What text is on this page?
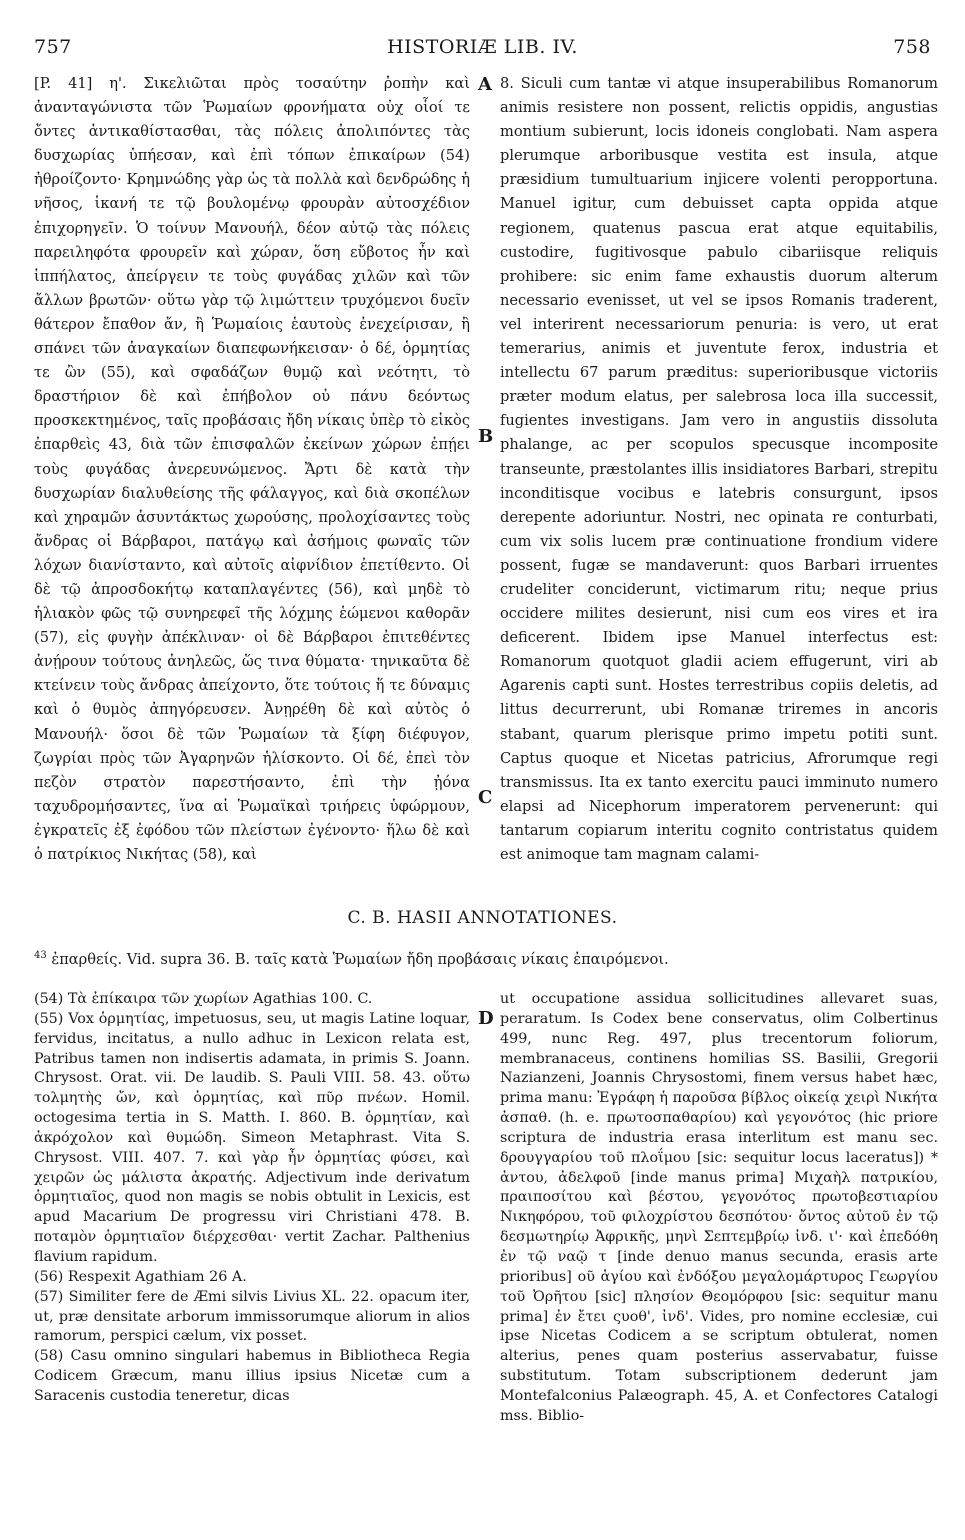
HISTORIÆ LIB. IV.
757	758

[P. 41] η'. Σικελιῶται πρὸς τοσαύτην ῥοπὴν καὶ ἀνανταγώνιστα τῶν Ῥωμαίων φρονήματα οὐχ οἷοί τε ὄντες ἀντικαθίστασθαι, τὰς πόλεις ἀπολιπόντες τὰς δυσχωρίας ὑπήεσαν, καὶ ἐπὶ τόπων ἐπικαίρων (54) ἠθροίζοντο· Κρημνώδης γὰρ ὡς τὰ πολλὰ καὶ δενδρώδης ἡ νῆσος, ἱκανή τε τῷ βουλομένῳ φρουρὰν αὐτοσχέδιον ἐπιχορηγεῖν. Ὁ τοίνυν Μανουήλ, δέον αὐτῷ τὰς πόλεις παρειληφότα φρουρεῖν καὶ χώραν, ὅση εὔβοτος ἦν καὶ ἱππήλατος, ἀπείργειν τε τοὺς φυγάδας χιλῶν καὶ τῶν ἄλλων βρωτῶν· οὕτω γὰρ τῷ λιμώττειν τρυχόμενοι δυεῖν θάτερον ἔπαθον ἄν, ἢ Ῥωμαίοις ἑαυτοὺς ἐνεχείρισαν, ἢ σπάνει τῶν ἀναγκαίων διαπεφωνήκεισαν· ὁ δέ, ὁρμητίας τε ὢν (55), καὶ σφαδάζων θυμῷ καὶ νεότητι, τὸ δραστήριον δὲ καὶ ἐπήβολον οὐ πάνυ δεόντως προσκεκτημένος, ταῖς προβάσαις ἤδη νίκαις ὑπὲρ τὸ εἰκὸς ἐπαρθεὶς 43, διὰ τῶν ἐπισφαλῶν ἐκείνων χώρων ἐπῄει τοὺς φυγάδας ἀνερευνώμενος. Ἄρτι δὲ κατὰ τὴν δυσχωρίαν διαλυθείσης τῆς φάλαγγος, καὶ διὰ σκοπέλων καὶ χηραμῶν ἀσυντάκτως χωρούσης, προλοχίσαντες τοὺς ἄνδρας οἱ Βάρβαροι, πατάγῳ καὶ ἀσήμοις φωναῖς τῶν λόχων διανίσταντο, καὶ αὐτοῖς αἰφνίδιον ἐπετίθεντο. Οἱ δὲ τῷ ἀπροσδοκήτῳ καταπλαγέντες (56), καὶ μηδὲ τὸ ἡλιακὸν φῶς τῷ συνηρεφεῖ τῆς λόχμης ἑώμενοι καθορᾶν (57), εἰς φυγὴν ἀπέκλιναν· οἱ δὲ Βάρβαροι ἐπιτεθέντες ἀνῄρουν τούτους ἀνηλεῶς, ὥς τινα θύματα· τηνικαῦτα δὲ κτείνειν τοὺς ἄνδρας ἀπείχοντο, ὅτε τούτοις ἥ τε δύναμις καὶ ὁ θυμὸς ἀπηγόρευσεν. Ἀνῃρέθη δὲ καὶ αὐτὸς ὁ Μανουήλ· ὅσοι δὲ τῶν Ῥωμαίων τὰ ξίφη διέφυγον, ζωγρίαι πρὸς τῶν Ἀγαρηνῶν ἡλίσκοντο. Οἱ δέ, ἐπεὶ τὸν πεζὸν στρατὸν παρεστήσαντο, ἐπὶ τὴν ᾐόνα ταχυδρομήσαντες, ἵνα αἱ Ῥωμαϊκαὶ τριήρεις ὑφώρμουν, ἐγκρατεῖς ἐξ ἐφόδου τῶν πλείστων ἐγένοντο· ἥλω δὲ καὶ ὁ πατρίκιος Νικήτας (58), καὶ

8. Siculi cum tantæ vi atque insuperabilibus Romanorum animis resistere non possent, relictis oppidis, angustias montium subierunt, locis idoneis conglobati. Nam aspera plerumque arboribusque vestita est insula, atque præsidium tumultuarium injicere volenti peropportuna. Manuel igitur, cum debuisset capta oppida atque regionem, quatenus pascua erat atque equitabilis, custodire, fugitivosque pabulo cibariisque reliquis prohibere: sic enim fame exhaustis duorum alterum necessario evenisset, ut vel se ipsos Romanis traderent, vel interirent necessariorum penuria: is vero, ut erat temerarius, animis et juventute ferox, industria et intellectu 67 parum præditus: superioribusque victoriis præter modum elatus, per salebrosa loca illa successit, fugientes investigans. Jam vero in angustiis dissoluta phalange, ac per scopulos specusque incomposite transeunte, præstolantes illis insidiatores Barbari, strepitu inconditisque vocibus e latebris consurgunt, ipsos derepente adoriuntur. Nostri, nec opinata re conturbati, cum vix solis lucem præ continuatione frondium videre possent, fugæ se mandaverunt: quos Barbari irruentes crudeliter conciderunt, victimarum ritu; neque prius occidere milites desierunt, nisi cum eos vires et ira deficerent. Ibidem ipse Manuel interfectus est: Romanorum quotquot gladii aciem effugerunt, viri ab Agarenis capti sunt. Hostes terrestribus copiis deletis, ad littus decurrerunt, ubi Romanæ triremes in ancoris stabant, quarum plerisque primo impetu potiti sunt. Captus quoque et Nicetas patricius, Afrorumque regi transmissus. Ita ex tanto exercitu pauci imminuto numero elapsi ad Nicephorum imperatorem pervenerunt: qui tantarum copiarum interitu cognito contristatus quidem est animoque tam magnam calami-

A
B
C
D
C. B. HASII ANNOTATIONES.
$^{43}$ ἐπαρθείς. Vid. supra 36. B. ταῖς κατὰ Ῥωμαίων ἤδη προβάσαις νίκαις ἐπαιρόμενοι.

(54) Τὰ ἐπίκαιρα τῶν χωρίων Agathias 100. C.

(55) Vox ὁρμητίας, impetuosus, seu, ut magis Latine loquar, fervidus, incitatus, a nullo adhuc in Lexicon relata est, Patribus tamen non indisertis adamata, in primis S. Joann. Chrysost. Orat. vii. De laudib. S. Pauli VIII. 58. 43. οὕτω τολμητὴς ὤν, καὶ ὁρμητίας, καὶ πῦρ πνέων. Homil. octogesima tertia in S. Matth. I. 860. B. ὁρμητίαν, καὶ ἀκρόχολον καὶ θυμώδη. Simeon Metaphrast. Vita S. Chrysost. VIII. 407. 7. καὶ γὰρ ἦν ὁρμητίας φύσει, καὶ χειρῶν ὡς μάλιστα ἀκρατής. Adjectivum inde derivatum ὁρμητιαῖος, quod non magis se nobis obtulit in Lexicis, est apud Macarium De progressu viri Christiani 478. B. ποταμὸν ὁρμητιαῖον διέρχεσθαι· vertit Zachar. Palthenius flavium rapidum.

(56) Respexit Agathiam 26 A.

(57) Similiter fere de Æmi silvis Livius XL. 22. opacum iter, ut, præ densitate arborum immissorumque aliorum in alios ramorum, perspici cælum, vix posset.

(58) Casu omnino singulari habemus in Bibliotheca Regia Codicem Græcum, manu illius ipsius Nicetæ cum a Saracenis custodia teneretur, dicas

ut occupatione assidua sollicitudines allevaret suas, peraratum. Is Codex bene conservatus, olim Colbertinus 499, nunc Reg. 497, plus trecentorum foliorum, membranaceus, continens homilias SS. Basilii, Gregorii Nazianzeni, Joannis Chrysostomi, finem versus habet hæc, prima manu: Ἐγράφη ἡ παροῦσα βίβλος οἰκείᾳ χειρὶ Νικήτα ἀσπαθ. (h. e. πρωτοσπαθαρίου) καὶ γεγονότος (hic priore scriptura de industria erasa interlitum est manu sec. δρουγγαρίου τοῦ πλοΐμου [sic: sequitur locus laceratus]) * ἀντου, ἀδελφοῦ [inde manus prima] Μιχαὴλ πατρικίου, πραιποσίτου καὶ βέστου, γεγονότος πρωτοβεστιαρίου Νικηφόρου, τοῦ φιλοχρίστου δεσπότου· ὄντος αὐτοῦ ἐν τῷ δεσμωτηρίῳ Ἀφρικῆς, μηνὶ Σεπτεμβρίῳ ἰνδ. ι'· καὶ ἐπεδόθη ἐν τῷ ναῷ τ [inde denuo manus secunda, erasis arte prioribus] οῦ ἁγίου καὶ ἐνδόξου μεγαλομάρτυρος Γεωργίου τοῦ Ὀρῆτου [sic] πλησίον Θεομόρφου [sic: sequitur manu prima] ἐν ἔτει ςυοθ', ἰνδ'. Vides, pro nomine ecclesiæ, cui ipse Nicetas Codicem a se scriptum obtulerat, nomen alterius, penes quam posterius asservabatur, fuisse substitutum. Totam subscriptionem dederunt jam Montefalconius Palæograph. 45, A. et Confectores Catalogi mss. Biblio-
